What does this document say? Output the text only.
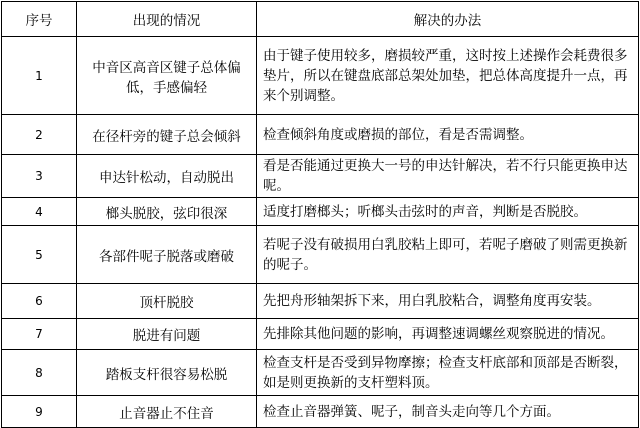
序号	出现的情况	解决的办法
1	中音区高音区键子总体偏低，手感偏轻	由于键子使用较多，磨损较严重，这时按上述操作会耗费很多垫片，所以在键盘底部总架处加垫，把总体高度提升一点，再来个别调整。
2	在径杆旁的键子总会倾斜	检查倾斜角度或磨损的部位，看是否需调整。
3	申达针松动，自动脱出	看是否能通过更换大一号的申达针解决，若不行只能更换申达呢。
4	榔头脱胶，弦印很深	适度打磨榔头；听榔头击弦时的声音，判断是否脱胶。
5	各部件呢子脱落或磨破	若呢子没有破损用白乳胶粘上即可，若呢子磨破了则需更换新的呢子。
6	顶杆脱胶	先把舟形轴架拆下来，用白乳胶粘合，调整角度再安装。
7	脱进有问题	先排除其他问题的影响，再调整速调螺丝观察脱进的情况。
8	踏板支杆很容易松脱	检查支杆是否受到异物摩擦；检查支杆底部和顶部是否断裂，如是则更换新的支杆塑料顶。
9	止音器止不住音	检查止音器弹簧、呢子，制音头走向等几个方面。
